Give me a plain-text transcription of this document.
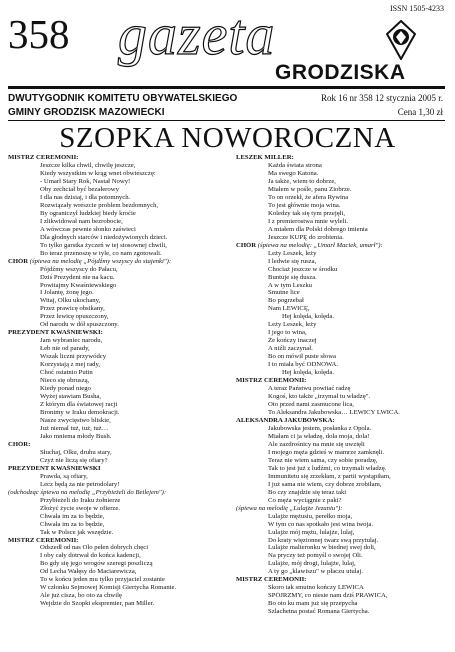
ISSN 1505-4233
358 gazeta
GRODZISKA
DWUTYGODNIK KOMITETU OBYWATELSKIEGO
GMINY GRODZISK MAZOWIECKI
Rok 16 nr 358 12 stycznia 2005 r.
Cena 1,30 zł
SZOPKA NOWOROCZNA
MISTRZ CEREMONII:
Jeszcze kilka chwil, chwilę jeszcze,
Kiedy wszystkim w krąg wnet obwieszczę:
- Umarł Stary Rok, Nastał Nowy!
Oby zechciał być bezałerowy
I dla nas dzisiaj, i dla potomnych.
Rozwiązały wreszcie problem bezdomnych,
By ograniczył ludzkiej biedy kroćie
I zlikwidował nam bezrobocie,
A wówczas pewnie słonko zaświeci
Dla głodnych starców i niedożywionych dzieci.
To tylko garstka życzeń w tej stosownej chwili,
Bo teraz przenoszę w tyle, co nam zgotowali.
CHÓR (śpiewa na melodię „Pójdźmy wszyscy do stajenki"):
Pójdźmy wszyscy do Pałacu,
Dziś Prezydent nie na kacu.
Powitajmy Kwaśniewskiego
I Jolantę, żonę jego.
Witaj, Olku ukochany,
Przez prawicę obsikany,
Przez lewicę opuszczony,
Od narodu w dół spuszczony.
PREZYDENT KWAŚNIEWSKI:
Jam wybraniec narodu,
Łeb nie od parady,
Wszak liczni przywódcy
Korzystają z mej rady,
Choć ostatnio Putin
Nieco się obruszą,
Kiedy ponad niego
Wyżej stawiam Busha,
Z którym dla światowej racji
Bronimy w Iraku demokracji.
Nasze zwycięstwo bliskie,
Już niemal tuż, tuż, tuż…
Jako mniema młody Bush.
CHÓR:
Słuchaj, Olku, druhu stary,
Czyż nie liczą się ofiary?
PREZYDENT KWAŚNIEWSKI
Prawda, są ofiary,
Lecz będą za nie petrodolary!
(odchodząc śpiewa na melodię „Przybieżeli do Betlejem"):
Przybieżeli do Iraku żołnierze
Złożyć życie swoje w ofierze.
Chwała im za to będzie,
Chwała im za to będzie,
Tak w Polsce jak wszędzie.
MISTRZ CEREMONII:
Odszedł od nas Olo pełen dobrych chęci
I oby cały dotrwał do końca kadencji,
Bo gdy się jego wrogów szeregi poszliczą
Od Lecha Wałęsy do Maciarewicza,
To w końcu jeden mu tylko przyjaciel zostanie
W członku Sejmowej Komisji Giertycha Romanie.
Ale już cisza, bo oto za chwilę
Wejdzie do Szopki ekspremier, pan Miller.
LESZEK MILLER:
Każda świata strona
Ma swego Katona.
Ja także, wiem to dobrze,
Miałem w pośle, panu Ziobrze.
To on orzekł, że afera Rywina
To jest głównie moja wina.
Koledzy tak się tym przejęli,
I z premierostwa mnie wyleli.
A miałem dla Polski dobrego imienia
Jeszcze KUPĘ do zrobienia.
CHÓR (śpiewa na melodię: „Umarł Maciek, umarł"):
Leży Leszek, leży
I ledwie się rusza,
Chociaż jeszcze w środku
Buntuje się dusza.
A w tym Leszku
Smutne lice
Bo pogrzebał
Nam LEWICĘ,
Hej kolęda, kolęda.
Leży Leszek, leży
I jego to wina,
Że kończy inaczej
A niźli zaczynał.
Bo on mówił puste słowa
I to miała być ODNOWA.
Hej kolęda, kolęda.
MISTRZ CEREMONII:
A teraz Państwu powitać radzę
Kogoś, kto także „trzymał tu władzę".
Oto przed nami zasmucone lica,
To Aleksandra Jakubowska… LEWICY LWICA.
ALEKSANDRA JAKUBOWSKA:
Jakubowska jestem, posłanka z Opola.
Miałam ci ja władzę, dola moja, dola!
Ale zazdrośnicy na mnie się uwzięli
I mojego męża gdzieś w mamrze zamknęli.
Teraz nie wiem sama, czy sobie poradzę,
Tak to jest już z ludźmi, co trzymali władzę.
Immunitetu się zrzekłam, z partii wystąpiłam,
I już sama nie wiem, czy dobrze zrobiłam,
Bo czy znajdzie się teraz taki
Co męża wyciągnie z paki?
(śpiewa na melodię „Lulajże Jezuniu"):
Lulajże mężusiu, perełko moja,
W tym co nas spotkało jest wina twoja.
Lulajże mój mężu, lulajże, lulaj,
Do kraty więzionnej twarz swą przytulaj.
Lulajże malteronku w biednej swej doli,
Na pryczy też pomyśl o swojej Oli.
Lulajże, mój drogi, lulajże, lulaj,
A ty go „klawiszu" w płaczu utulaj.
MISTRZ CEREMONII:
Skoro tak smutno kończy LEWICA
SPÓJRZMY, co niesie nam dziś PRAWICA,
Bo oto ku mam już się przepycha
Szlachetna postać Romana Giertycha.
